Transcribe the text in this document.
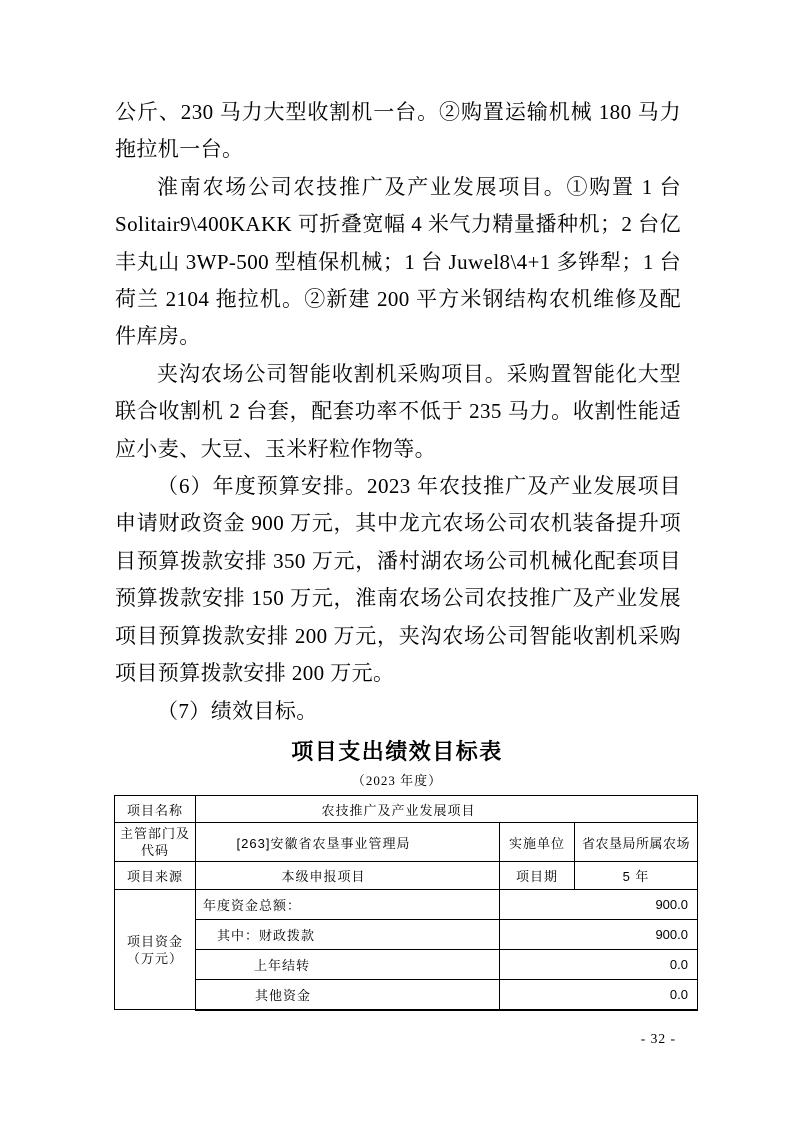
公斤、230 马力大型收割机一台。②购置运输机械 180 马力拖拉机一台。

淮南农场公司农技推广及产业发展项目。①购置 1 台 Solitair9\400KAKK 可折叠宽幅 4 米气力精量播种机；2 台亿丰丸山 3WP-500 型植保机械；1 台 Juwel8\4+1 多铧犁；1 台荷兰 2104 拖拉机。②新建 200 平方米钢结构农机维修及配件库房。

夹沟农场公司智能收割机采购项目。采购置智能化大型联合收割机 2 台套，配套功率不低于 235 马力。收割性能适应小麦、大豆、玉米籽粒作物等。

（6）年度预算安排。2023 年农技推广及产业发展项目申请财政资金 900 万元，其中龙亢农场公司农机装备提升项目预算拨款安排 350 万元，潘村湖农场公司机械化配套项目预算拨款安排 150 万元，淮南农场公司农技推广及产业发展项目预算拨款安排 200 万元，夹沟农场公司智能收割机采购项目预算拨款安排 200 万元。

（7）绩效目标。

项目支出绩效目标表
（2023 年度）
项目名称	农技推广及产业发展项目		

主管部门及
代码	[263]安徽省农垦事业管理局	实施单位	省农垦局所属农场
项目来源	本级申报项目	项目期	5 年

项目资金
（万元）	年度资金总额：	900.0	
	其中：财政拨款	900.0	
	上年结转	0.0	
	其他资金	0.0	
- 32 -
